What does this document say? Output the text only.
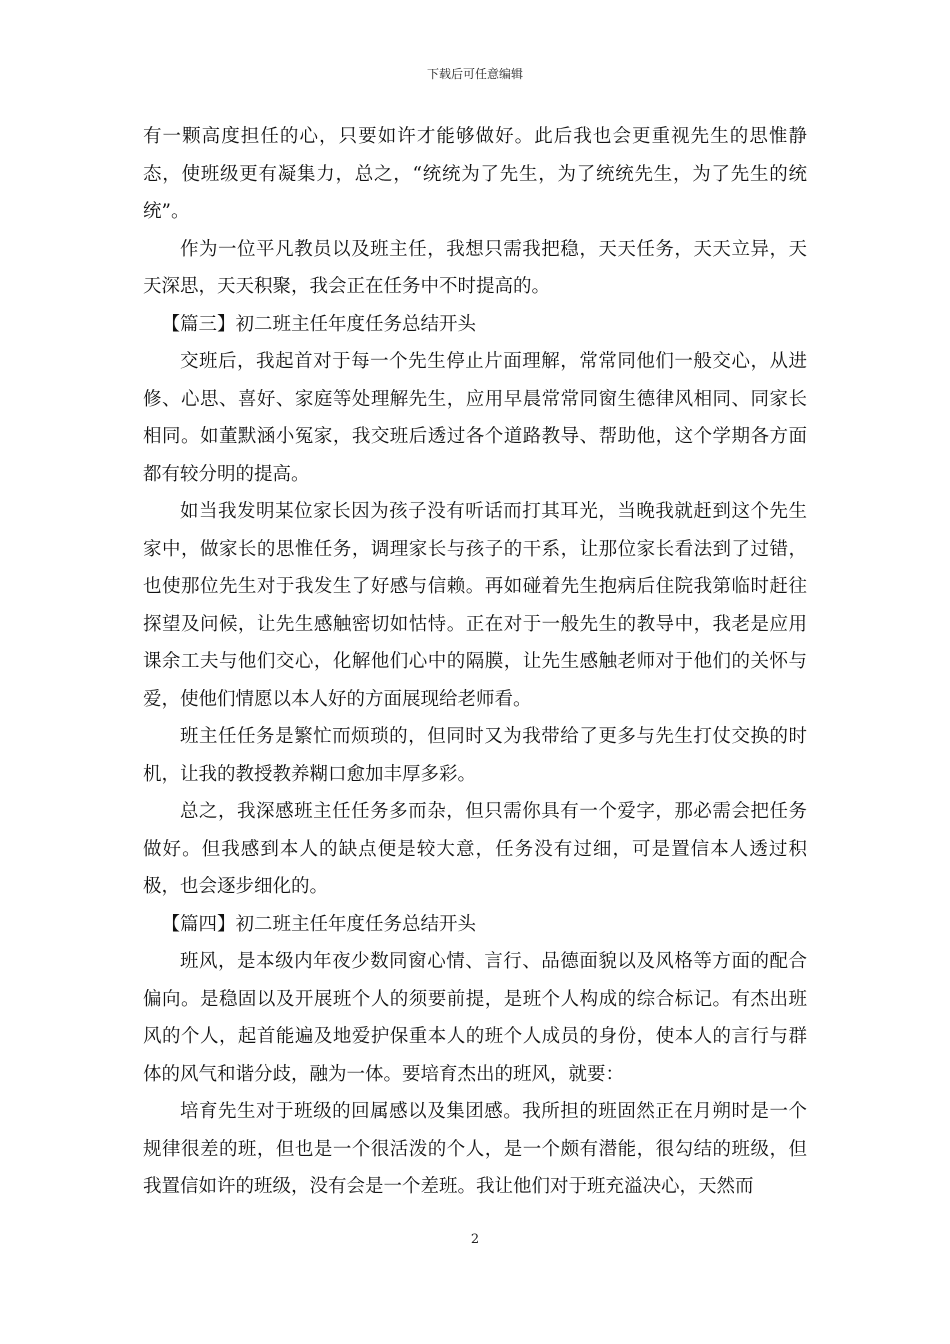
下载后可任意编辑

有一颗高度担任的心，只要如许才能够做好。此后我也会更重视先生的思惟静态，使班级更有凝集力，总之，“统统为了先生，为了统统先生，为了先生的统统”。

作为一位平凡教员以及班主任，我想只需我把稳，天天任务，天天立异，天天深思，天天积聚，我会正在任务中不时提高的。

【篇三】初二班主任年度任务总结开头

交班后，我起首对于每一个先生停止片面理解，常常同他们一般交心，从进修、心思、喜好、家庭等处理解先生，应用早晨常常同窗生德律风相同、同家长相同。如董默涵小冤家，我交班后透过各个道路教导、帮助他，这个学期各方面都有较分明的提高。

如当我发明某位家长因为孩子没有听话而打其耳光，当晚我就赶到这个先生家中，做家长的思惟任务，调理家长与孩子的干系，让那位家长看法到了过错，也使那位先生对于我发生了好感与信赖。再如碰着先生抱病后住院我第临时赶往探望及问候，让先生感触密切如怙恃。正在对于一般先生的教导中，我老是应用课余工夫与他们交心，化解他们心中的隔膜，让先生感触老师对于他们的关怀与爱，使他们情愿以本人好的方面展现给老师看。

班主任任务是繁忙而烦琐的，但同时又为我带给了更多与先生打仗交换的时机，让我的教授教养糊口愈加丰厚多彩。

总之，我深感班主任任务多而杂，但只需你具有一个爱字，那必需会把任务做好。但我感到本人的缺点便是较大意，任务没有过细，可是置信本人透过积极，也会逐步细化的。

【篇四】初二班主任年度任务总结开头

班风，是本级内年夜少数同窗心情、言行、品德面貌以及风格等方面的配合偏向。是稳固以及开展班个人的须要前提，是班个人构成的综合标记。有杰出班风的个人，起首能遍及地爱护保重本人的班个人成员的身份，使本人的言行与群体的风气和谐分歧，融为一体。要培育杰出的班风，就要：

培育先生对于班级的回属感以及集团感。我所担的班固然正在月朔时是一个规律很差的班，但也是一个很活泼的个人，是一个颇有潜能，很勾结的班级，但我置信如许的班级，没有会是一个差班。我让他们对于班充溢决心，天然而

2
